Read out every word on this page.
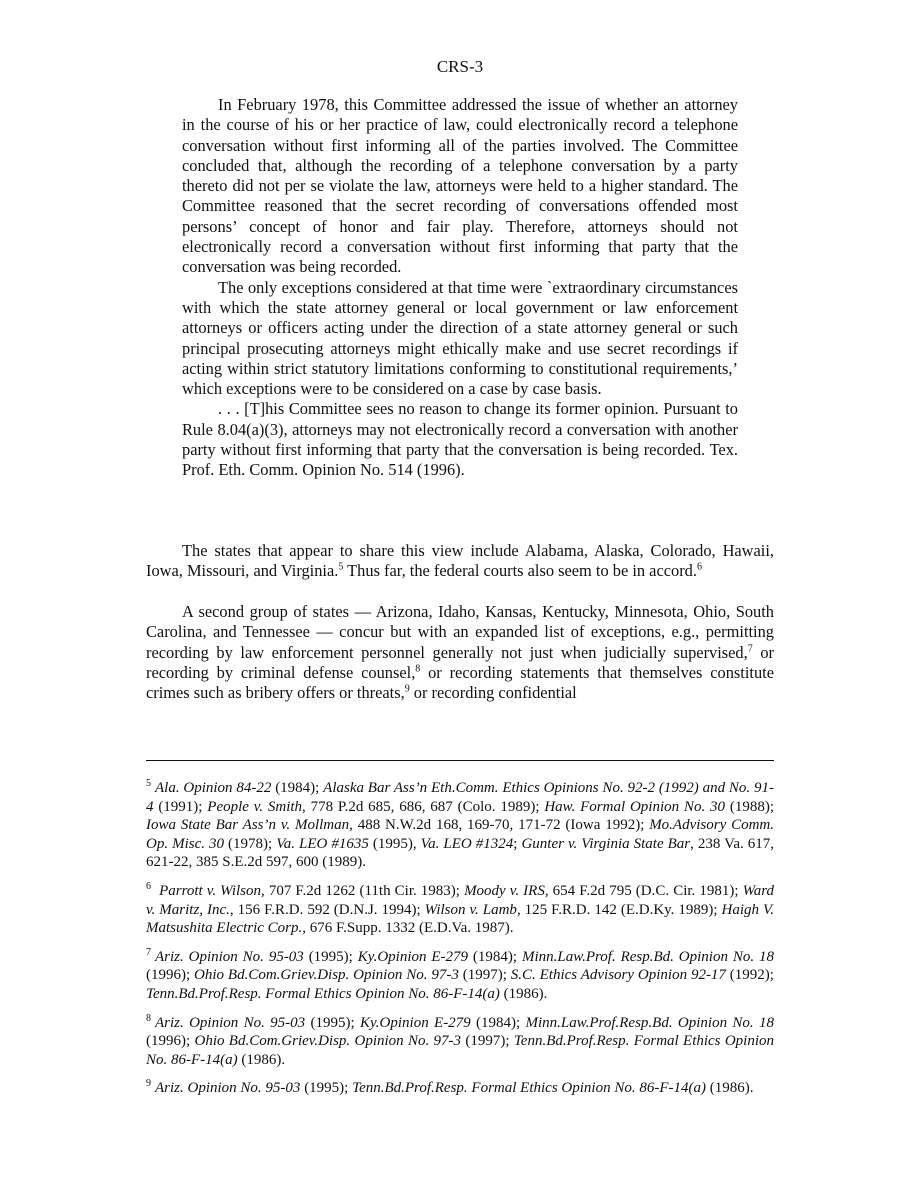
CRS-3

In February 1978, this Committee addressed the issue of whether an attorney in the course of his or her practice of law, could electronically record a telephone conversation without first informing all of the parties involved. The Committee concluded that, although the recording of a telephone conversation by a party thereto did not per se violate the law, attorneys were held to a higher standard. The Committee reasoned that the secret recording of conversations offended most persons’ concept of honor and fair play. Therefore, attorneys should not electronically record a conversation without first informing that party that the conversation was being recorded.

The only exceptions considered at that time were `extraordinary circumstances with which the state attorney general or local government or law enforcement attorneys or officers acting under the direction of a state attorney general or such principal prosecuting attorneys might ethically make and use secret recordings if acting within strict statutory limitations conforming to constitutional requirements,’ which exceptions were to be considered on a case by case basis.

. . . [T]his Committee sees no reason to change its former opinion. Pursuant to Rule 8.04(a)(3), attorneys may not electronically record a conversation with another party without first informing that party that the conversation is being recorded. Tex. Prof. Eth. Comm. Opinion No. 514 (1996).

The states that appear to share this view include Alabama, Alaska, Colorado, Hawaii, Iowa, Missouri, and Virginia.$^5$ Thus far, the federal courts also seem to be in accord.$^6$

A second group of states — Arizona, Idaho, Kansas, Kentucky, Minnesota, Ohio, South Carolina, and Tennessee — concur but with an expanded list of exceptions, e.g., permitting recording by law enforcement personnel generally not just when judicially supervised,$^7$ or recording by criminal defense counsel,$^8$ or recording statements that themselves constitute crimes such as bribery offers or threats,$^9$ or recording confidential

$^5$ Ala. Opinion 84-22 (1984); Alaska Bar Ass’n Eth.Comm. Ethics Opinions No. 92-2 (1992) and No. 91-4 (1991); People v. Smith, 778 P.2d 685, 686, 687 (Colo. 1989); Haw. Formal Opinion No. 30 (1988); Iowa State Bar Ass’n v. Mollman, 488 N.W.2d 168, 169-70, 171-72 (Iowa 1992); Mo.Advisory Comm. Op. Misc. 30 (1978); Va. LEO #1635 (1995), Va. LEO #1324; Gunter v. Virginia State Bar, 238 Va. 617, 621-22, 385 S.E.2d 597, 600 (1989).

$^6$ Parrott v. Wilson, 707 F.2d 1262 (11th Cir. 1983); Moody v. IRS, 654 F.2d 795 (D.C. Cir. 1981); Ward v. Maritz, Inc., 156 F.R.D. 592 (D.N.J. 1994); Wilson v. Lamb, 125 F.R.D. 142 (E.D.Ky. 1989); Haigh V. Matsushita Electric Corp., 676 F.Supp. 1332 (E.D.Va. 1987).

$^7$ Ariz. Opinion No. 95-03 (1995); Ky.Opinion E-279 (1984); Minn.Law.Prof. Resp.Bd. Opinion No. 18 (1996); Ohio Bd.Com.Griev.Disp. Opinion No. 97-3 (1997); S.C. Ethics Advisory Opinion 92-17 (1992); Tenn.Bd.Prof.Resp. Formal Ethics Opinion No. 86-F-14(a) (1986).

$^8$ Ariz. Opinion No. 95-03 (1995); Ky.Opinion E-279 (1984); Minn.Law.Prof.Resp.Bd. Opinion No. 18 (1996); Ohio Bd.Com.Griev.Disp. Opinion No. 97-3 (1997); Tenn.Bd.Prof.Resp. Formal Ethics Opinion No. 86-F-14(a) (1986).

$^9$ Ariz. Opinion No. 95-03 (1995); Tenn.Bd.Prof.Resp. Formal Ethics Opinion No. 86-F-14(a) (1986).
